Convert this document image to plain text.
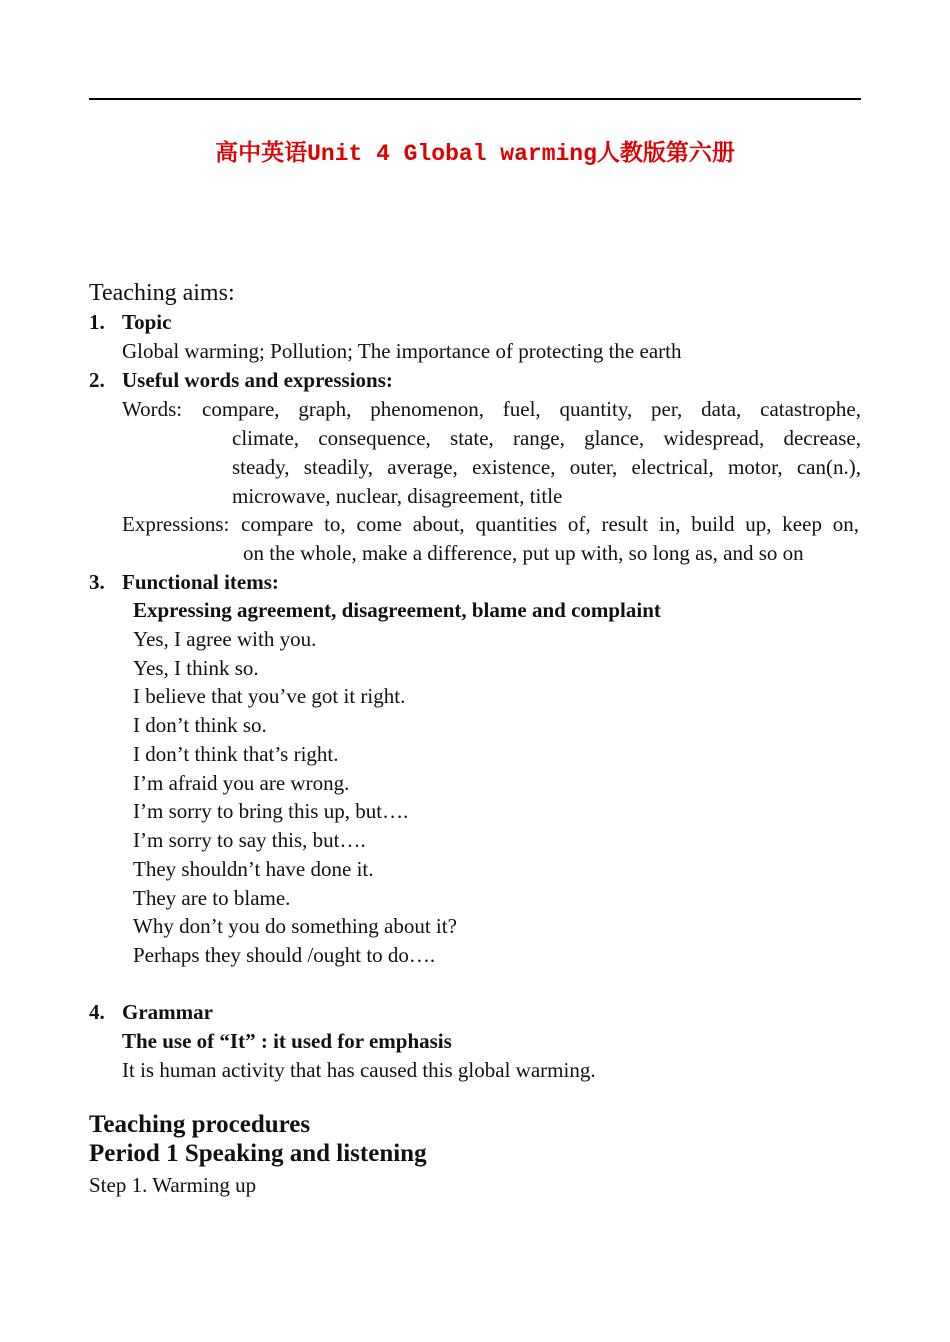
高中英语Unit 4 Global warming人教版第六册
Teaching aims:
1. Topic
Global warming; Pollution; The importance of protecting the earth
2. Useful words and expressions:
Words: compare, graph, phenomenon, fuel, quantity, per, data, catastrophe,
climate, consequence, state, range, glance, widespread, decrease,
steady, steadily, average, existence, outer, electrical, motor, can(n.),
microwave, nuclear, disagreement, title
Expressions: compare to, come about, quantities of, result in, build up, keep on,
on the whole, make a difference, put up with, so long as, and so on
3. Functional items:
Expressing agreement, disagreement, blame and complaint
Yes, I agree with you.
Yes, I think so.
I believe that you’ve got it right.
I don’t think so.
I don’t think that’s right.
I’m afraid you are wrong.
I’m sorry to bring this up, but….
I’m sorry to say this, but….
They shouldn’t have done it.
They are to blame.
Why don’t you do something about it?
Perhaps they should /ought to do….
4. Grammar
The use of “It” : it used for emphasis
It is human activity that has caused this global warming.
Teaching procedures
Period 1 Speaking and listening
Step 1. Warming up
